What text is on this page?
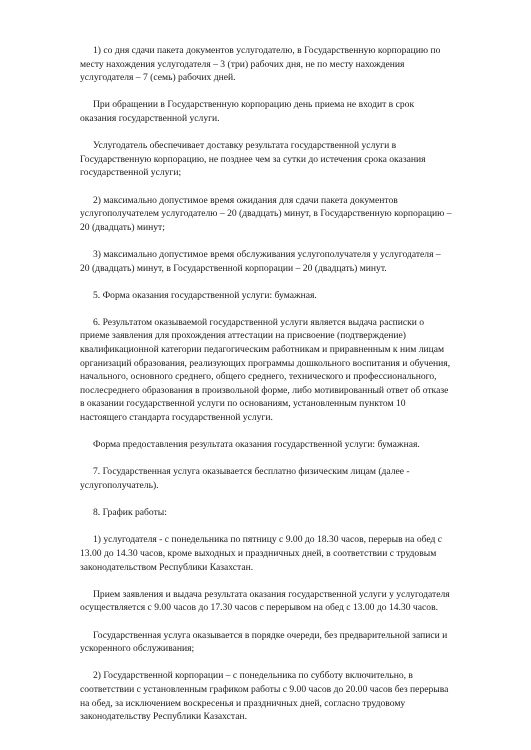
1) со дня сдачи пакета документов услугодателю, в Государственную корпорацию по
месту нахождения услугодателя – 3 (три) рабочих дня, не по месту нахождения
услугодателя – 7 (семь) рабочих дней.
При обращении в Государственную корпорацию день приема не входит в срок
оказания государственной услуги.
Услугодатель обеспечивает доставку результата государственной услуги в
Государственную корпорацию, не позднее чем за сутки до истечения срока оказания
государственной услуги;
2) максимально допустимое время ожидания для сдачи пакета документов
услугополучателем услугодателю – 20 (двадцать) минут, в Государственную корпорацию –
20 (двадцать) минут;
3) максимально допустимое время обслуживания услугополучателя у услугодателя –
20 (двадцать) минут, в Государственной корпорации – 20 (двадцать) минут.
5. Форма оказания государственной услуги: бумажная.
6. Результатом оказываемой государственной услуги является выдача расписки о
приеме заявления для прохождения аттестации на присвоение (подтверждение)
квалификационной категории педагогическим работникам и приравненным к ним лицам
организаций образования, реализующих программы дошкольного воспитания и обучения,
начального, основного среднего, общего среднего, технического и профессионального,
послесреднего образования в произвольной форме, либо мотивированный ответ об отказе
в оказании государственной услуги по основаниям, установленным пунктом 10
настоящего стандарта государственной услуги.
Форма предоставления результата оказания государственной услуги: бумажная.
7. Государственная услуга оказывается бесплатно физическим лицам (далее -
услугополучатель).
8. График работы:
1) услугодателя - с понедельника по пятницу с 9.00 до 18.30 часов, перерыв на обед с
13.00 до 14.30 часов, кроме выходных и праздничных дней, в соответствии с трудовым
законодательством Республики Казахстан.
Прием заявления и выдача результата оказания государственной услуги у услугодателя
осуществляется с 9.00 часов до 17.30 часов с перерывом на обед с 13.00 до 14.30 часов.
Государственная услуга оказывается в порядке очереди, без предварительной записи и
ускоренного обслуживания;
2) Государственной корпорации – с понедельника по субботу включительно, в
соответствии с установленным графиком работы с 9.00 часов до 20.00 часов без перерыва
на обед, за исключением воскресенья и праздничных дней, согласно трудовому
законодательству Республики Казахстан.
